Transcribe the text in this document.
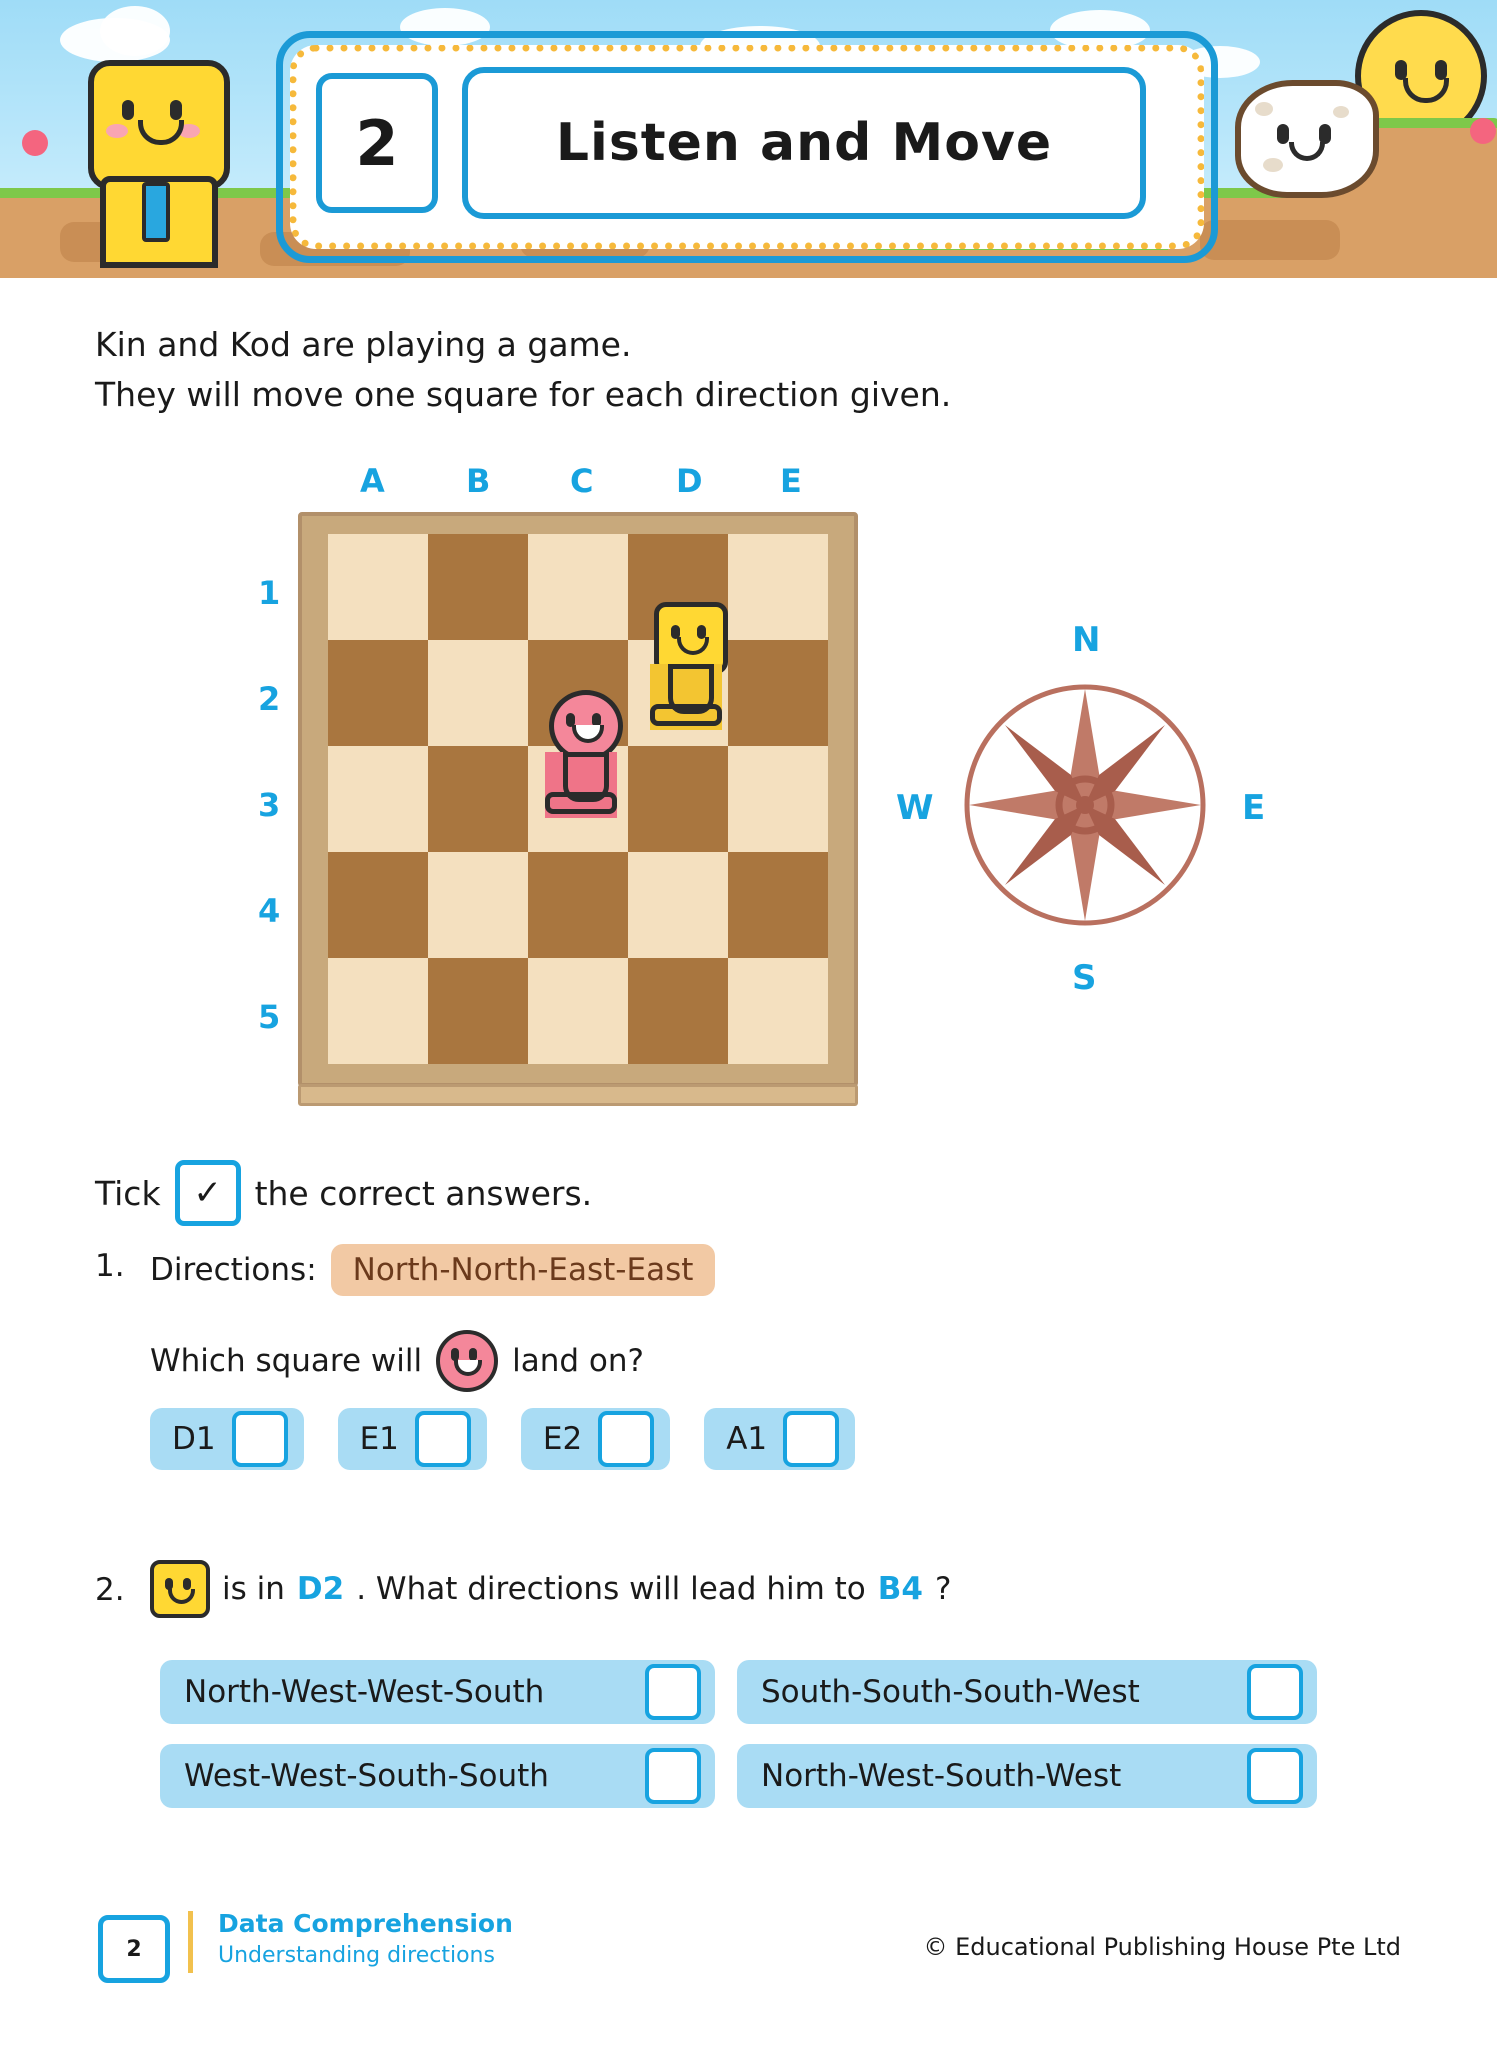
2	Listen and Move
Kin and Kod are playing a game.
They will move one square for each direction given.
A	B C	D E
1
2
3
4
5
N
E
S
W
Tick ✓ the correct answers.
1. Directions:	North-North-East-East
Which square will	land on?
D1	E1	E2	A1
2.	is in D2 . What directions will lead him to B4 ?
North-West-West-South	South-South-South-West
West-West-South-South	North-West-South-West
2
Data Comprehension
Understanding directions	© Educational Publishing House Pte Ltd
